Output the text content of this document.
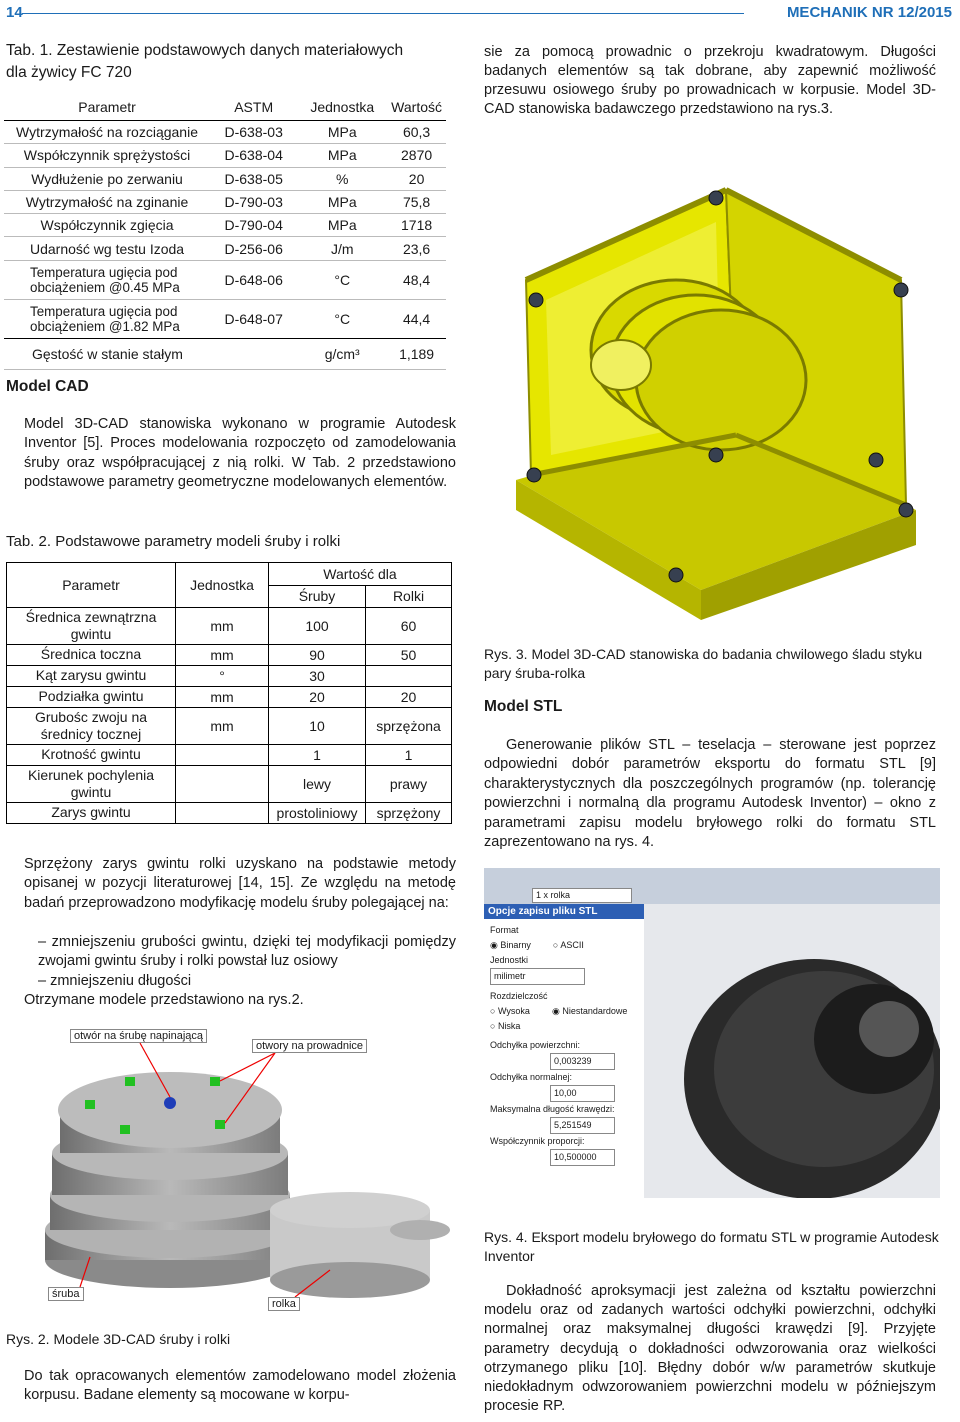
14	MECHANIK NR 12/2015
Tab. 1. Zestawienie podstawowych danych materiałowych
dla żywicy FC 720
Parametr	ASTM	Jednostka	Wartość
Wytrzymałość na rozciąganie	D-638-03	MPa	60,3
Współczynnik sprężystości	D-638-04	MPa	2870
Wydłużenie po zerwaniu	D-638-05	%	20
Wytrzymałość na zginanie	D-790-03	MPa	75,8
Współczynnik zgięcia	D-790-04	MPa	1718
Udarność wg testu Izoda	D-256-06	J/m	23,6

Temperatura ugięcia pod
obciążeniem @0.45 MPa	D-648-06	°C	48,4

Temperatura ugięcia pod
obciążeniem @1.82 MPa	D-648-07	°C	44,4
Gęstość w stanie stałym		g/cm³	1,189
Model CAD

Model 3D-CAD stanowiska wykonano w programie Autodesk Inventor [5]. Proces modelowania rozpoczęto od zamodelowania śruby oraz współpracującej z nią rolki. W Tab. 2 przedstawiono podstawowe parametry geometryczne modelowanych elementów.

Tab. 2. Podstawowe parametry modeli śruby i rolki
Parametr	Jednostka	Wartość dla	
		Śruby	Rolki
Średnica zewnątrzna gwintu	mm	100	60
Średnica toczna	mm	90	50
Kąt zarysu gwintu	°	30	
Podziałka gwintu	mm	20	20
Grubośc zwoju na średnicy tocznej	mm	10	sprzężona
Krotność gwintu		1	1
Kierunek pochylenia gwintu		lewy	prawy
Zarys gwintu		prostoliniowy	sprzężony

Sprzężony zarys gwintu rolki uzyskano na podstawie metody opisanej w pozycji literaturowej [14, 15]. Ze względu na metodę badań przeprowadzono modyfikację modelu śruby polegającej na:

– zmniejszeniu grubości gwintu, dzięki tej modyfikacji pomiędzy zwojami gwintu śruby i rolki powstał luz osiowy

– zmniejszeniu długości

Otrzymane modele przedstawiono na rys.2.

otwór na śrubę napinającą
otwory na prowadnice
śruba
rolka
Rys. 2. Modele 3D-CAD śruby i rolki

Do tak opracowanych elementów zamodelowano model złożenia korpusu. Badane elementy są mocowane w korpu-

sie za pomocą prowadnic o przekroju kwadratowym. Długości badanych elementów są tak dobrane, aby zapewnić możliwość przesuwu osiowego śruby po prowadnicach w korpusie. Model 3D-CAD stanowiska badawczego przedstawiono na rys.3.

Rys. 3. Model 3D-CAD stanowiska do badania chwilowego śladu styku pary śruba-rolka
Model STL

Generowanie plików STL – teselacja – sterowane jest poprzez odpowiedni dobór parametrów eksportu do formatu STL [9] charakterystycznych dla poszczególnych programów (np. tolerancję powierzchni i normalną dla programu Autodesk Inventor) – okno z parametrami zapisu modelu bryłowego rolki do formatu STL zaprezentowano na rys. 4.

1 x rolka
Opcje zapisu pliku STL
Format
◉ Binarny ○ ASCII
Jednostki
milimetr
Rozdzielczość
○ Wysoka	◉ Niestandardowe
○ Niska
Odchyłka powierzchni:
0,003239
Odchyłka normalnej:
10,00
Maksymalna długość krawędzi:
5,251549
Współczynnik proporcji:
10,500000
Rys. 4. Eksport modelu bryłowego do formatu STL w programie Autodesk Inventor

Dokładność aproksymacji jest zależna od kształtu powierzchni modelu oraz od zadanych wartości odchyłki powierzchni, odchyłki normalnej oraz maksymalnej długości krawędzi [9]. Przyjęte parametry decydują o dokładności odwzorowania oraz wielkości otrzymanego pliku [10]. Błędny dobór w/w parametrów skutkuje niedokładnym odwzorowaniem powierzchni modelu w późniejszym procesie RP.
